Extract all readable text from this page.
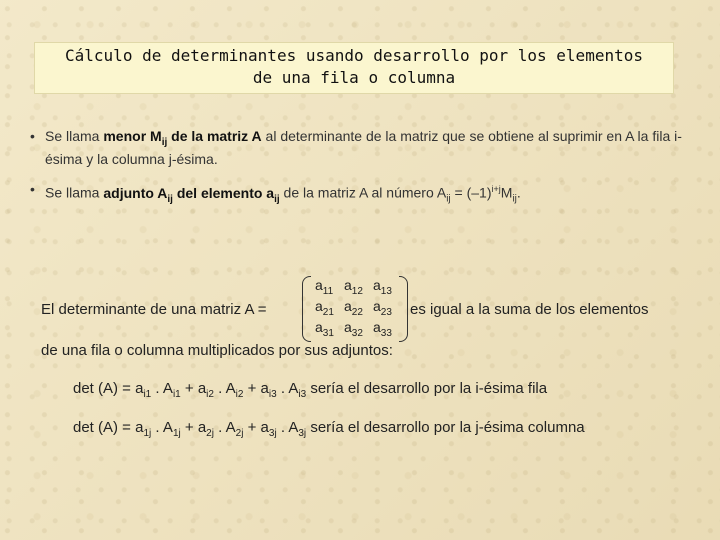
Cálculo de determinantes usando desarrollo por los elementos
de una fila o columna
• Se llama menor $M_{ij}$ de la matriz A al determinante de la matriz que se obtiene al suprimir en A la fila i-ésima y la columna j-ésima.
• Se llama adjunto $A_{ij}$ del elemento $a_{ij}$ de la matriz A al número $A_{ij} = (-1)^{i+j}M_{ij}$.
El determinante de una matriz A =
$a_{11}$ $a_{12}$ $a_{13}$
$a_{21}$ $a_{22}$ $a_{23}$
$a_{31}$ $a_{32}$ $a_{33}$
es igual a la suma de los elementos
de una fila o columna multiplicados por sus adjuntos:
$\det (A) = a_{i1}$ . $A_{i1} + a_{i2}$ . $A_{i2} + a_{i3}$ . $A_{i3}$ sería el desarrollo por la i-ésima fila
$\det (A) = a_{1j}$ . $A_{1j} + a_{2j}$ . $A_{2j} + a_{3j}$ . $A_{3j}$ sería el desarrollo por la j-ésima columna
